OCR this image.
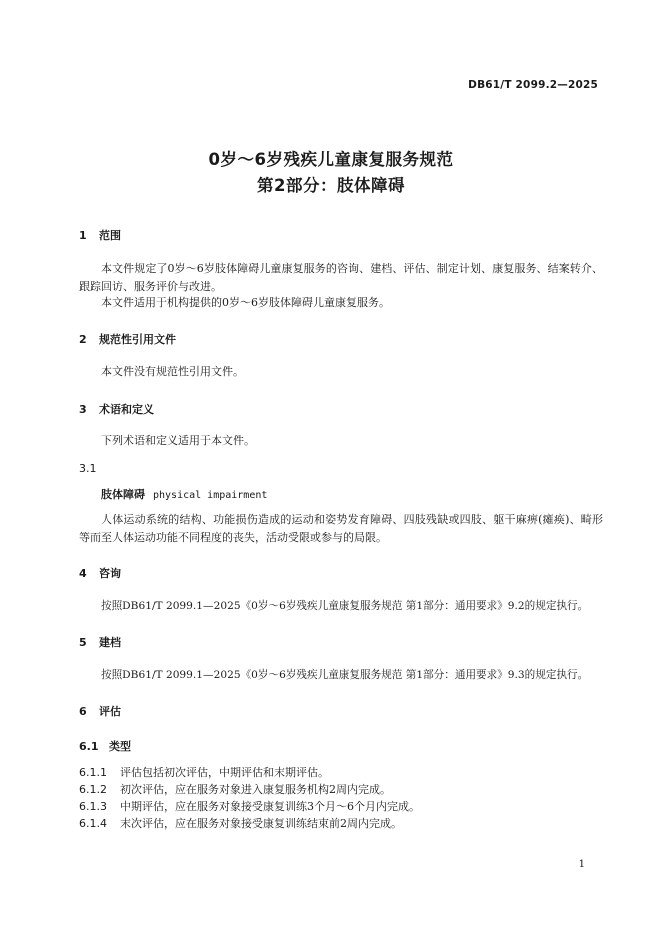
DB61/T 2099.2—2025
0岁～6岁残疾儿童康复服务规范
第2部分：肢体障碍
1 范围
本文件规定了0岁～6岁肢体障碍儿童康复服务的咨询、建档、评估、制定计划、康复服务、结案转介、跟踪回访、服务评价与改进。
本文件适用于机构提供的0岁～6岁肢体障碍儿童康复服务。
2 规范性引用文件
本文件没有规范性引用文件。
3 术语和定义
下列术语和定义适用于本文件。
3.1
肢体障碍 physical impairment
人体运动系统的结构、功能损伤造成的运动和姿势发育障碍、四肢残缺或四肢、躯干麻痹(瘫痪)、畸形等而至人体运动功能不同程度的丧失，活动受限或参与的局限。
4 咨询
按照DB61/T 2099.1—2025《0岁～6岁残疾儿童康复服务规范 第1部分：通用要求》9.2的规定执行。
5 建档
按照DB61/T 2099.1—2025《0岁～6岁残疾儿童康复服务规范 第1部分：通用要求》9.3的规定执行。
6 评估
6.1 类型
6.1.1 评估包括初次评估，中期评估和末期评估。
6.1.2 初次评估，应在服务对象进入康复服务机构2周内完成。
6.1.3 中期评估，应在服务对象接受康复训练3个月～6个月内完成。
6.1.4 末次评估，应在服务对象接受康复训练结束前2周内完成。
1
